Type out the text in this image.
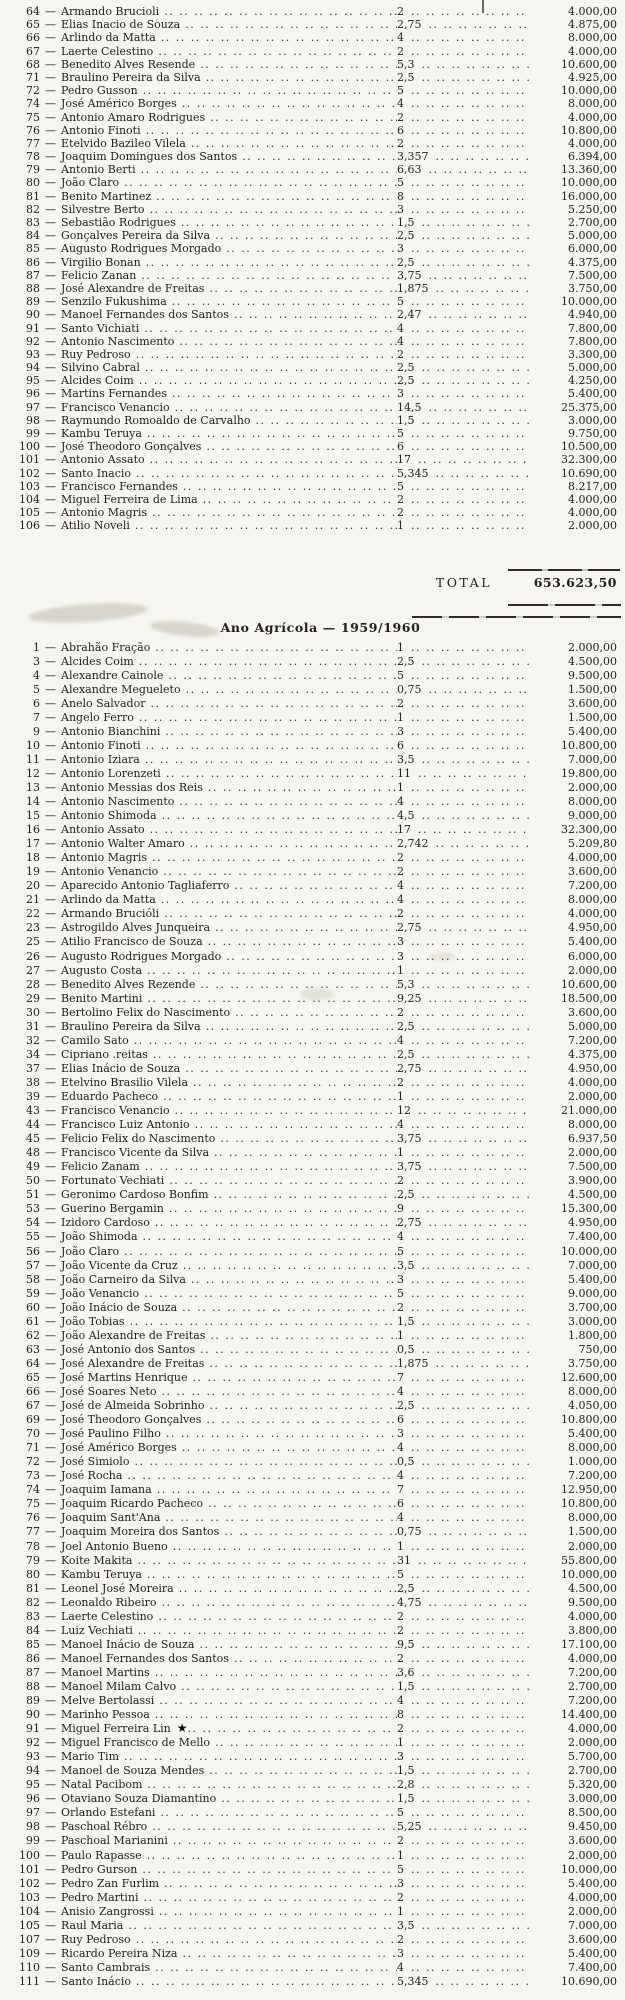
64 — Armando Brucioli .. ..	2 .. ..	4.000,00
65 — Elias Inacio de Souza .. ..	2,75 .. ..	4.875,00
66 — Arlindo da Matta .. ..	4 .. ..	8.000,00
67 — Laerte Celestino .. ..	2 .. ..	4.000,00
68 — Benedito Alves Resende .. ..	5,3 .. ..	10.600,00
71 — Braulino Pereira da Silva .. ..	2,5 .. ..	4.925,00
72 — Pedro Gusson .. ..	5 .. ..	10.000,00
74 — José Américo Borges .. ..	4 .. ..	8.000,00
75 — Antonio Amaro Rodrigues .. ..	2 .. ..	4.000,00
76 — Antonio Finoti .. ..	6 .. ..	10.800,00
77 — Etelvido Bazileo Vilela .. ..	2 .. ..	4.000,00
78 — Joaquim Domingues dos Santos .. ..	3,357 .. ..	6.394,00
79 — Antonio Berti .. ..	6,63 .. ..	13.360,00
80 — João Claro .. ..	5 .. ..	10.000,00
81 — Benito Martinez .. ..	8 .. ..	16.000,00
82 — Silvestre Berto .. ..	3 .. ..	5.250,00
83 — Sebastião Rodrigues .. ..	1,5 .. ..	2.700,00
84 — Gonçalves Pereira da Silva .. ..	2,5 .. ..	5.000,00
85 — Augusto Rodrigues Morgado .. ..	3 .. ..	6.000,00
86 — Virgilio Bonan .. ..	2,5 .. ..	4.375,00
87 — Felicio Zanan .. ..	3,75 .. ..	7.500,00
88 — José Alexandre de Freitas .. ..	1,875 .. ..	3.750,00
89 — Senzilo Fukushima .. ..	5 .. ..	10.000,00
90 — Manoel Fernandes dos Santos .. ..	2,47 .. ..	4.940,00
91 — Santo Vichiati .. ..	4 .. ..	7.800,00
92 — Antonio Nascimento .. ..	4 .. ..	7.800,00
93 — Ruy Pedroso .. ..	2 .. ..	3.300,00
94 — Silvino Cabral .. ..	2,5 .. ..	5.000,00
95 — Alcides Coim .. ..	2,5 .. ..	4.250,00
96 — Martins Fernandes .. ..	3 .. ..	5.400,00
97 — Francisco Venancio .. ..	14,5 .. ..	25.375,00
98 — Raymundo Romoaldo de Carvalho .. ..	1,5 .. ..	3.000,00
99 — Kambu Teruya .. ..	5 .. ..	9.750,00
100 — José Theodoro Gonçalves .. ..	6 .. ..	10.500,00
101 — Antonio Assato .. ..	17 .. ..	32.300,00
102 — Santo Inacio .. ..	5,345 .. ..	10.690,00
103 — Francisco Fernandes .. ..	5 .. ..	8.217,00
104 — Miguel Ferreira de Lima .. ..	2 .. ..	4.000,00
105 — Antonio Magris .. ..	2 .. ..	4.000,00
106 — Atilio Noveli .. ..	1 .. ..	2.000,00
TOTAL	653.623,50
Ano Agrícola — 1959/1960
1 — Abrahão Fração .. ..	1 .. ..	2.000,00
3 — Alcides Coim .. ..	2,5 .. ..	4.500,00
4 — Alexandre Cainole .. ..	5 .. ..	9.500,00
5 — Alexandre Megueleto .. ..	0,75 .. ..	1.500,00
6 — Anelo Salvador .. ..	2 .. ..	3.600,00
7 — Angelo Ferro .. ..	1 .. ..	1.500,00
9 — Antonio Bianchini .. ..	3 .. ..	5.400,00
10 — Antonio Finoti .. ..	6 .. ..	10.800,00
11 — Antonio Iziara .. ..	3,5 .. ..	7.000,00
12 — Antonio Lorenzeti .. ..	11 .. ..	19.800,00
13 — Antonio Messias dos Reis .. ..	1 .. ..	2.000,00
14 — Antonio Nascimento .. ..	4 .. ..	8.000,00
15 — Antonio Shimoda .. ..	4,5 .. ..	9.000,00
16 — Antonio Assato .. ..	17 .. ..	32.300,00
17 — Antonio Walter Amaro .. ..	2,742 .. ..	5.209,80
18 — Antonio Magris .. ..	2 .. ..	4.000,00
19 — Antonio Venancio .. ..	2 .. ..	3.600,00
20 — Aparecido Antonio Tagliaferro .. ..	4 .. ..	7.200,00
21 — Arlindo da Matta .. ..	4 .. ..	8.000,00
22 — Armando Brucióli .. ..	2 .. ..	4.000,00
23 — Astrogildo Alves Junqueira .. ..	2,75 .. ..	4.950,00
25 — Atilio Francisco de Souza .. ..	3 .. ..	5.400,00
26 — Augusto Rodrigues Morgado .. ..	3 .. ..	6.000,00
27 — Augusto Costa .. ..	1 .. ..	2.000,00
28 — Benedito Alves Rezende .. ..	5,3 .. ..	10.600,00
29 — Benito Martini .. ..	9,25 .. ..	18.500,00
30 — Bertolino Felix do Nascimento .. ..	2 .. ..	3.600,00
31 — Braulino Pereira da Silva .. ..	2,5 .. ..	5.000,00
32 — Camilo Sato .. ..	4 .. ..	7.200,00
34 — Cipriano .reitas .. ..	2,5 .. ..	4.375,00
37 — Elias Inácio de Souza .. ..	2,75 .. ..	4.950,00
38 — Etelvino Brasilio Vilela .. ..	2 .. ..	4.000,00
39 — Eduardo Pacheco .. ..	1 .. ..	2.000,00
43 — Francisco Venancio .. ..	12 .. ..	21.000,00
44 — Francisco Luiz Antonio .. ..	4 .. ..	8.000,00
45 — Felicio Felix do Nascimento .. ..	3,75 .. ..	6.937,50
48 — Francisco Vicente da Silva .. ..	1 .. ..	2.000,00
49 — Felicio Zanam .. ..	3,75 .. ..	7.500,00
50 — Fortunato Vechiati .. ..	2 .. ..	3.900,00
51 — Geronimo Cardoso Bonfim .. ..	2,5 .. ..	4.500,00
53 — Guerino Bergamin .. ..	9 .. ..	15.300,00
54 — Izidoro Cardoso .. ..	2,75 .. ..	4.950,00
55 — João Shimoda .. ..	4 .. ..	7.400,00
56 — João Claro .. ..	5 .. ..	10.000,00
57 — João Vicente da Cruz .. ..	3,5 .. ..	7.000,00
58 — João Carneiro da Silva .. ..	3 .. ..	5.400,00
59 — João Venancio .. ..	5 .. ..	9.000,00
60 — João Inácio de Souza .. ..	2 .. ..	3.700,00
61 — João Tobias .. ..	1,5 .. ..	3.000,00
62 — João Alexandre de Freitas .. ..	1 .. ..	1.800,00
63 — José Antonio dos Santos .. ..	0,5 .. ..	750,00
64 — José Alexandre de Freitas .. ..	1,875 .. ..	3.750,00
65 — José Martins Henrique .. ..	7 .. ..	12.600,00
66 — José Soares Neto .. ..	4 .. ..	8.000,00
67 — José de Almeida Sobrinho .. ..	2,5 .. ..	4.050,00
69 — José Theodoro Gonçalves .. ..	6 .. ..	10.800,00
70 — José Paulino Filho .. ..	3 .. ..	5.400,00
71 — José Américo Borges .. ..	4 .. ..	8.000,00
72 — José Simiolo .. ..	0,5 .. ..	1.000,00
73 — José Rocha .. ..	4 .. ..	7.200,00
74 — Joaquim Iamana .. ..	7 .. ..	12.950,00
75 — Joaquim Ricardo Pacheco .. ..	6 .. ..	10.800,00
76 — Joaquim Sant'Ana .. ..	4 .. ..	8.000,00
77 — Joaquim Moreira dos Santos .. ..	0,75 .. ..	1.500,00
78 — Joel Antonio Bueno .. ..	1 .. ..	2.000,00
79 — Koite Makita .. ..	31 .. ..	55.800,00
80 — Kambu Teruya .. ..	5 .. ..	10.000,00
81 — Leonel José Moreira .. ..	2,5 .. ..	4.500,00
82 — Leonaldo Ribeiro .. ..	4,75 .. ..	9.500,00
83 — Laerte Celestino .. ..	2 .. ..	4.000,00
84 — Luiz Vechiati .. ..	2 .. ..	3.800,00
85 — Manoel Inácio de Souza .. ..	9,5 .. ..	17.100,00
86 — Manoel Fernandes dos Santos .. ..	2 .. ..	4.000,00
87 — Manoel Martins .. ..	3,6 .. ..	7.200,00
88 — Manoel Milam Calvo .. ..	1,5 .. ..	2.700,00
89 — Melve Bertolassi .. ..	4 .. ..	7.200,00
90 — Marinho Pessoa .. ..	8 .. ..	14.400,00
91 — Miguel Ferreira Lin ★ .. ..	2 .. ..	4.000,00
92 — Miguel Francisco de Mello .. ..	1 .. ..	2.000,00
93 — Mario Tim .. ..	3 .. ..	5.700,00
94 — Manoel de Souza Mendes .. ..	1,5 .. ..	2.700,00
95 — Natal Pacibom .. ..	2,8 .. ..	5.320,00
96 — Otaviano Souza Diamantino .. ..	1,5 .. ..	3.000,00
97 — Orlando Estefani .. ..	5 .. ..	8.500,00
98 — Paschoal Rébro .. ..	5,25 .. ..	9.450,00
99 — Paschoal Marianini .. ..	2 .. ..	3.600,00
100 — Paulo Rapasse .. ..	1 .. ..	2.000,00
101 — Pedro Gurson .. ..	5 .. ..	10.000,00
102 — Pedro Zan Furlim .. ..	3 .. ..	5.400,00
103 — Pedro Martini .. ..	2 .. ..	4.000,00
104 — Anisio Zangrossi .. ..	1 .. ..	2.000,00
105 — Raul Maria .. ..	3,5 .. ..	7.000,00
107 — Ruy Pedroso .. ..	2 .. ..	3.600,00
109 — Ricardo Pereira Niza .. ..	3 .. ..	5.400,00
110 — Santo Cambrais .. ..	4 .. ..	7.400,00
111 — Santo Inácio .. ..	5,345 .. ..	10.690,00
